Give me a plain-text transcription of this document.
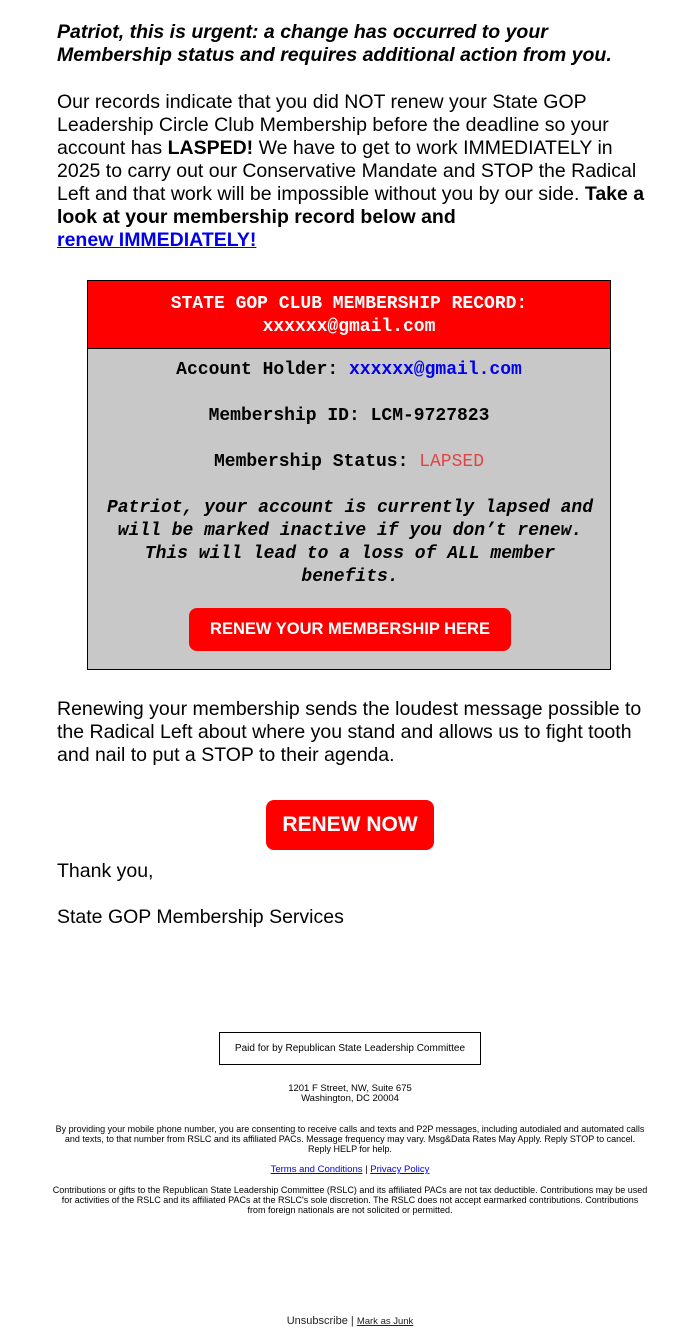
Patriot, this is urgent: a change has occurred to your Membership status and requires additional action from you.

Our records indicate that you did NOT renew your State GOP Leadership Circle Club Membership before the deadline so your account has LASPED! We have to get to work IMMEDIATELY in 2025 to carry out our Conservative Mandate and STOP the Radical Left and that work will be impossible without you by our side. Take a look at your membership record below and
renew IMMEDIATELY!

STATE GOP CLUB MEMBERSHIP RECORD:
xxxxxx@gmail.com
Account Holder: xxxxxx@gmail.com
Membership ID: LCM-9727823
Membership Status: LAPSED
Patriot, your account is currently lapsed and will be marked inactive if you don’t renew. This will lead to a loss of ALL member benefits.
RENEW YOUR MEMBERSHIP HERE

Renewing your membership sends the loudest message possible to the Radical Left about where you stand and allows us to fight tooth and nail to put a STOP to their agenda.

RENEW NOW

Thank you,

State GOP Membership Services

Paid for by Republican State Leadership Committee
1201 F Street, NW, Suite 675
Washington, DC 20004
By providing your mobile phone number, you are consenting to receive calls and texts and P2P messages, including autodialed and automated calls and texts, to that number from RSLC and its affiliated PACs. Message frequency may vary. Msg&Data Rates May Apply. Reply STOP to cancel. Reply HELP for help.
Terms and Conditions | Privacy Policy
Contributions or gifts to the Republican State Leadership Committee (RSLC) and its affiliated PACs are not tax deductible. Contributions may be used for activities of the RSLC and its affiliated PACs at the RSLC's sole discretion. The RSLC does not accept earmarked contributions. Contributions from foreign nationals are not solicited or permitted.
Unsubscribe | Mark as Junk
